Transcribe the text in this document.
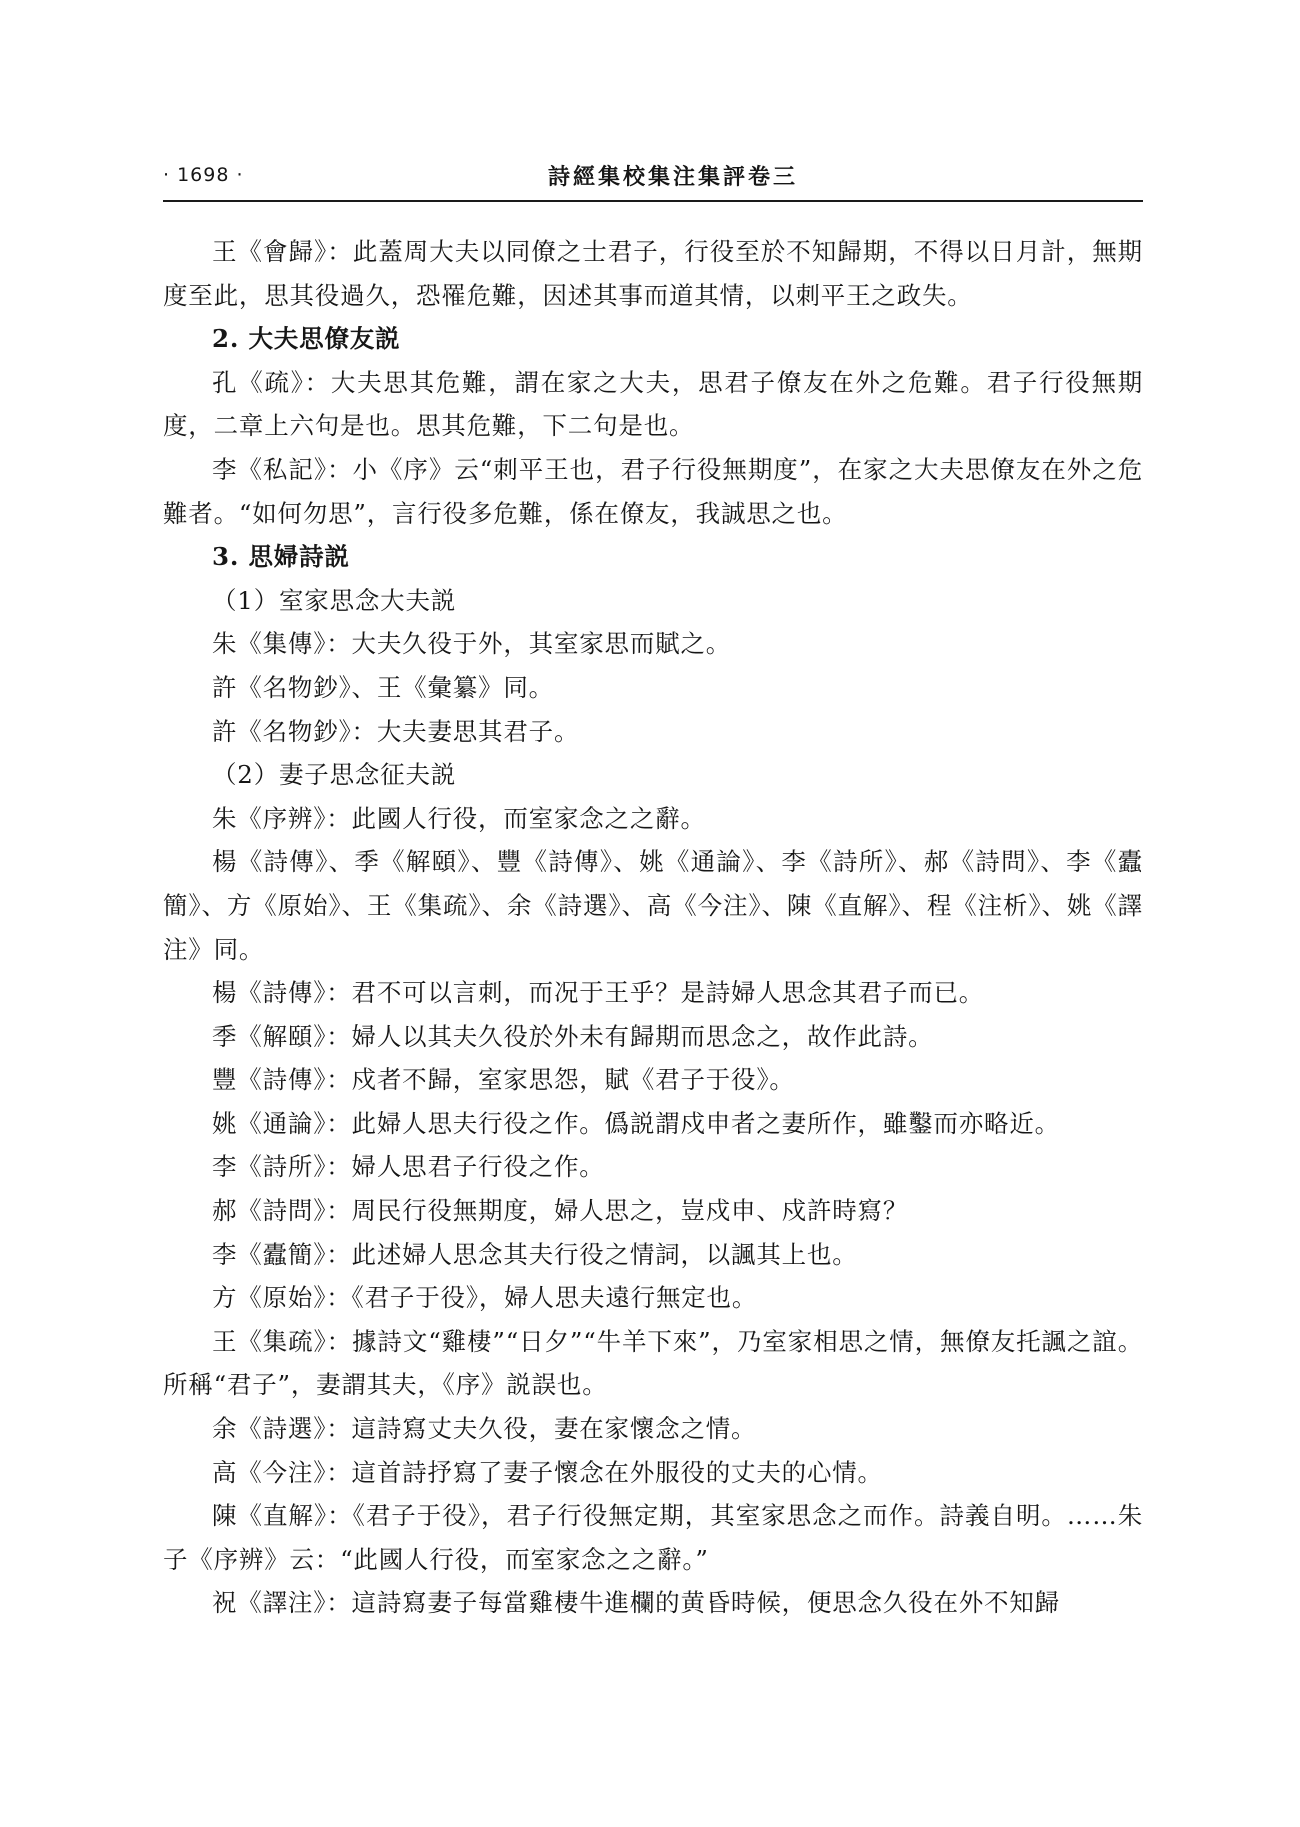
· 1698 ·	詩經集校集注集評卷三

王《會歸》：此蓋周大夫以同僚之士君子，行役至於不知歸期，不得以日月計，無期度至此，思其役過久，恐罹危難，因述其事而道其情，以刺平王之政失。

2. 大夫思僚友説

孔《疏》：大夫思其危難，謂在家之大夫，思君子僚友在外之危難。君子行役無期度，二章上六句是也。思其危難，下二句是也。

李《私記》：小《序》云“刺平王也，君子行役無期度”，在家之大夫思僚友在外之危難者。“如何勿思”，言行役多危難，係在僚友，我誠思之也。

3. 思婦詩説

（1）室家思念大夫説

朱《集傳》：大夫久役于外，其室家思而賦之。

許《名物鈔》、王《彙纂》同。

許《名物鈔》：大夫妻思其君子。

（2）妻子思念征夫説

朱《序辨》：此國人行役，而室家念之之辭。

楊《詩傳》、季《解頤》、豐《詩傳》、姚《通論》、李《詩所》、郝《詩問》、李《蠹簡》、方《原始》、王《集疏》、余《詩選》、高《今注》、陳《直解》、程《注析》、姚《譯注》同。

楊《詩傳》：君不可以言刺，而况于王乎？是詩婦人思念其君子而已。

季《解頤》：婦人以其夫久役於外未有歸期而思念之，故作此詩。

豐《詩傳》：戍者不歸，室家思怨，賦《君子于役》。

姚《通論》：此婦人思夫行役之作。僞説謂戍申者之妻所作，雖鑿而亦略近。

李《詩所》：婦人思君子行役之作。

郝《詩問》：周民行役無期度，婦人思之，豈戍申、戍許時寫？

李《蠹簡》：此述婦人思念其夫行役之情詞，以諷其上也。

方《原始》：《君子于役》，婦人思夫遠行無定也。

王《集疏》：據詩文“雞棲”“日夕”“牛羊下來”，乃室家相思之情，無僚友托諷之誼。所稱“君子”，妻謂其夫，《序》説誤也。

余《詩選》：這詩寫丈夫久役，妻在家懷念之情。

高《今注》：這首詩抒寫了妻子懷念在外服役的丈夫的心情。

陳《直解》：《君子于役》，君子行役無定期，其室家思念之而作。詩義自明。……朱子《序辨》云：“此國人行役，而室家念之之辭。”

祝《譯注》：這詩寫妻子每當雞棲牛進欄的黄昏時候，便思念久役在外不知歸
